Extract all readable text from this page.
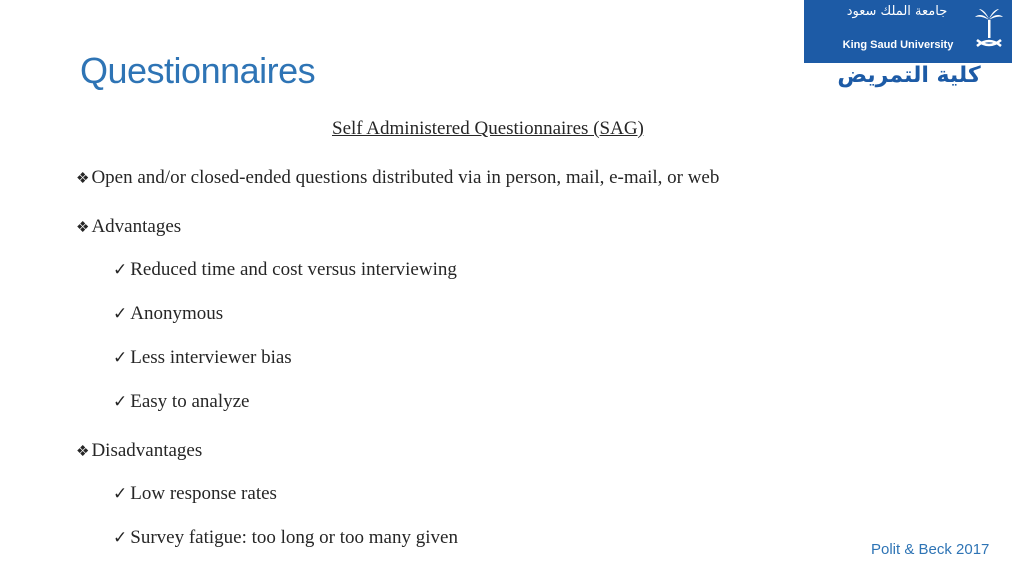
Questionnaires
جامعة الملك سعود
King Saud University
كلية التمريض
Self Administered Questionnaires (SAG)
❖ Open and/or closed-ended questions distributed via in person, mail, e-mail, or web
❖ Advantages
✓ Reduced time and cost versus interviewing
✓ Anonymous
✓ Less interviewer bias
✓ Easy to analyze
❖ Disadvantages
✓ Low response rates
✓ Survey fatigue: too long or too many given
Polit & Beck 2017
